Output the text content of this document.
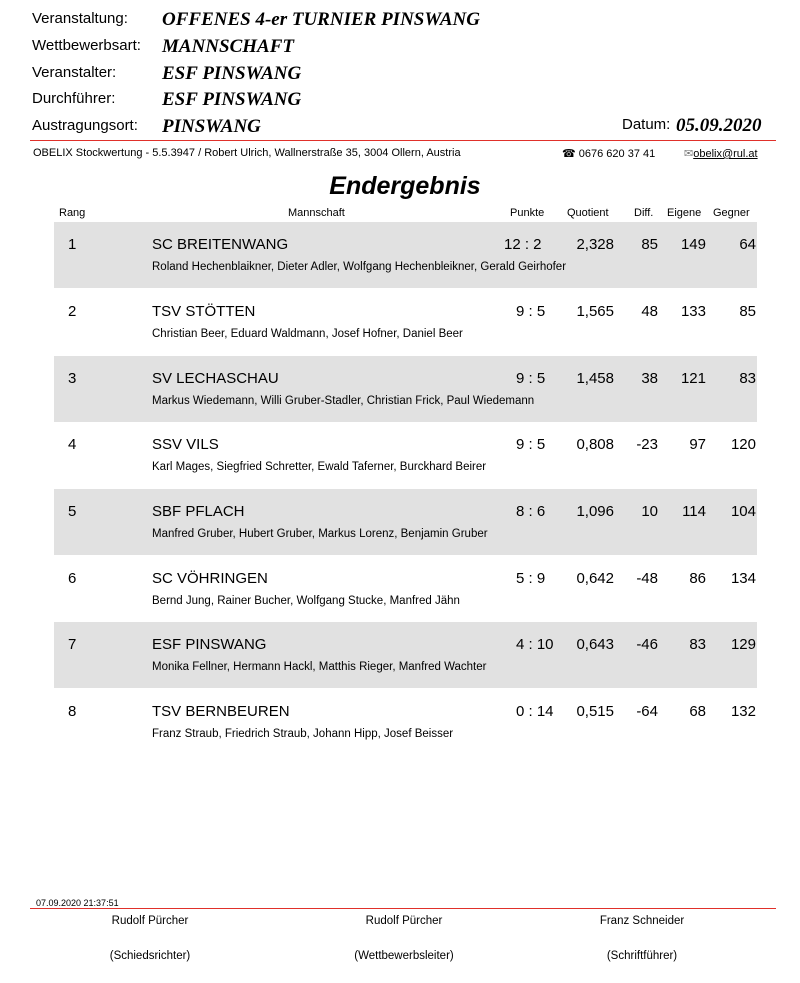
Veranstaltung: OFFENES 4-er TURNIER PINSWANG
Wettbewerbsart: MANNSCHAFT
Veranstalter: ESF PINSWANG
Durchführer: ESF PINSWANG
Austragungsort: PINSWANG	Datum: 05.09.2020
OBELIX Stockwertung - 5.5.3947 / Robert Ulrich, Wallnerstraße 35, 3004 Ollern, Austria	☎ 0676 620 37 41	✉obelix@rul.at
Endergebnis
Rang	Mannschaft	Punkte Quotient Diff. Eigene Gegner
1	SC BREITENWANG	12 : 2	2,328	85	149	64
Roland Hechenblaikner, Dieter Adler, Wolfgang Hechenbleikner, Gerald Geirhofer
2	TSV STÖTTEN	9 : 5	1,565	48	133	85
Christian Beer, Eduard Waldmann, Josef Hofner, Daniel Beer
3	SV LECHASCHAU	9 : 5	1,458	38	121	83
Markus Wiedemann, Willi Gruber-Stadler, Christian Frick, Paul Wiedemann
4	SSV VILS	9 : 5	0,808	-23	97	120
Karl Mages, Siegfried Schretter, Ewald Taferner, Burckhard Beirer
5	SBF PFLACH	8 : 6	1,096	10	114	104
Manfred Gruber, Hubert Gruber, Markus Lorenz, Benjamin Gruber
6	SC VÖHRINGEN	5 : 9	0,642	-48	86	134
Bernd Jung, Rainer Bucher, Wolfgang Stucke, Manfred Jähn
7	ESF PINSWANG	4 : 10	0,643	-46	83	129
Monika Fellner, Hermann Hackl, Matthis Rieger, Manfred Wachter
8	TSV BERNBEUREN	0 : 14	0,515	-64	68	132
Franz Straub, Friedrich Straub, Johann Hipp, Josef Beisser
07.09.2020 21:37:51
Rudolf Pürcher
(Schiedsrichter)
Rudolf Pürcher
(Wettbewerbsleiter)
Franz Schneider
(Schriftführer)
